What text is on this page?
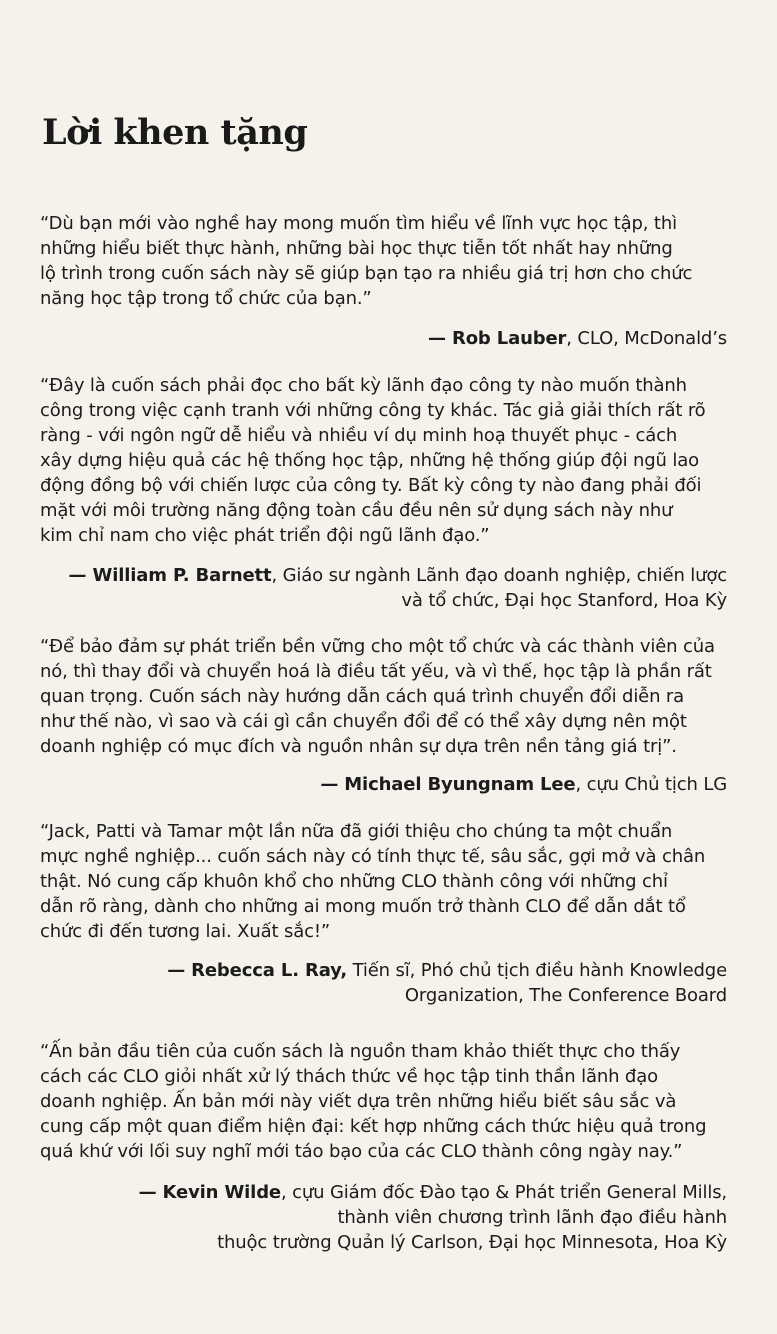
Lời khen tặng

“Dù bạn mới vào nghề hay mong muốn tìm hiểu về lĩnh vực học tập, thì
những hiểu biết thực hành, những bài học thực tiễn tốt nhất hay những
lộ trình trong cuốn sách này sẽ giúp bạn tạo ra nhiều giá trị hơn cho chức
năng học tập trong tổ chức của bạn.”

— Rob Lauber, CLO, McDonald’s

“Đây là cuốn sách phải đọc cho bất kỳ lãnh đạo công ty nào muốn thành
công trong việc cạnh tranh với những công ty khác. Tác giả giải thích rất rõ
ràng - với ngôn ngữ dễ hiểu và nhiều ví dụ minh hoạ thuyết phục - cách
xây dựng hiệu quả các hệ thống học tập, những hệ thống giúp đội ngũ lao
động đồng bộ với chiến lược của công ty. Bất kỳ công ty nào đang phải đối
mặt với môi trường năng động toàn cầu đều nên sử dụng sách này như
kim chỉ nam cho việc phát triển đội ngũ lãnh đạo.”

— William P. Barnett, Giáo sư ngành Lãnh đạo doanh nghiệp, chiến lược
và tổ chức, Đại học Stanford, Hoa Kỳ

“Để bảo đảm sự phát triển bền vững cho một tổ chức và các thành viên của
nó, thì thay đổi và chuyển hoá là điều tất yếu, và vì thế, học tập là phần rất
quan trọng. Cuốn sách này hướng dẫn cách quá trình chuyển đổi diễn ra
như thế nào, vì sao và cái gì cần chuyển đổi để có thể xây dựng nên một
doanh nghiệp có mục đích và nguồn nhân sự dựa trên nền tảng giá trị”.

— Michael Byungnam Lee, cựu Chủ tịch LG

“Jack, Patti và Tamar một lần nữa đã giới thiệu cho chúng ta một chuẩn
mực nghề nghiệp... cuốn sách này có tính thực tế, sâu sắc, gợi mở và chân
thật. Nó cung cấp khuôn khổ cho những CLO thành công với những chỉ
dẫn rõ ràng, dành cho những ai mong muốn trở thành CLO để dẫn dắt tổ
chức đi đến tương lai. Xuất sắc!”

— Rebecca L. Ray, Tiến sĩ, Phó chủ tịch điều hành Knowledge
Organization, The Conference Board

“Ấn bản đầu tiên của cuốn sách là nguồn tham khảo thiết thực cho thấy
cách các CLO giỏi nhất xử lý thách thức về học tập tinh thần lãnh đạo
doanh nghiệp. Ấn bản mới này viết dựa trên những hiểu biết sâu sắc và
cung cấp một quan điểm hiện đại: kết hợp những cách thức hiệu quả trong
quá khứ với lối suy nghĩ mới táo bạo của các CLO thành công ngày nay.”

— Kevin Wilde, cựu Giám đốc Đào tạo & Phát triển General Mills,
thành viên chương trình lãnh đạo điều hành
thuộc trường Quản lý Carlson, Đại học Minnesota, Hoa Kỳ
